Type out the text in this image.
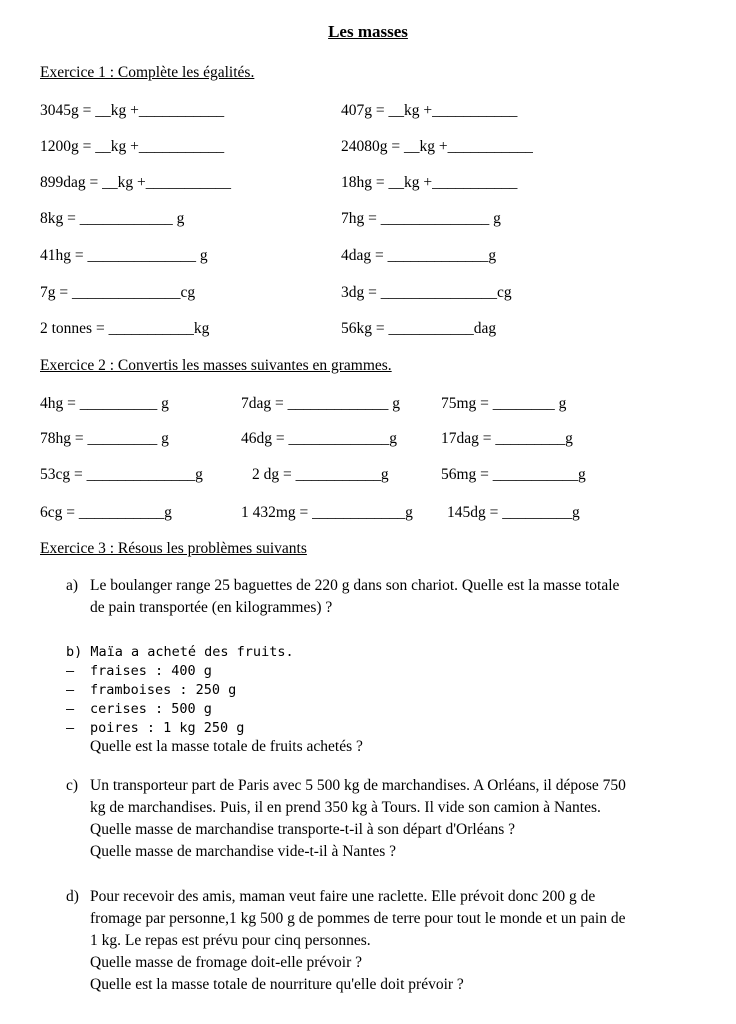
Les masses
Exercice 1 : Complète les égalités.
3045g = __kg +___________	407g = __kg +___________
1200g = __kg +___________	24080g = __kg +___________
899dag = __kg +___________	18hg = __kg +___________
8kg = ____________ g	7hg = ______________ g
41hg = ______________ g	4dag = _____________g
7g = ______________cg	3dg = _______________cg
2 tonnes = ___________kg	56kg = ___________dag
Exercice 2 : Convertis les masses suivantes en grammes.
4hg = __________ g	7dag = _____________ g	75mg = ________ g
78hg = _________ g	46dg = _____________g	17dag = _________g
53cg = ______________g	2 dg = ___________g	56mg = ___________g
6cg = ___________g	1 432mg = ____________g 145dg = _________g
Exercice 3 : Résous les problèmes suivants
a) Le boulanger range 25 baguettes de 220 g dans son chariot. Quelle est la masse totale
de pain transportée (en kilogrammes) ?
b) Maïa a acheté des fruits.
– fraises : 400 g
– framboises : 250 g
– cerises : 500 g
– poires : 1 kg 250 g
Quelle est la masse totale de fruits achetés ?
c) Un transporteur part de Paris avec 5 500 kg de marchandises. A Orléans, il dépose 750
kg de marchandises. Puis, il en prend 350 kg à Tours. Il vide son camion à Nantes.
Quelle masse de marchandise transporte-t-il à son départ d'Orléans ?
Quelle masse de marchandise vide-t-il à Nantes ?
d) Pour recevoir des amis, maman veut faire une raclette. Elle prévoit donc 200 g de
fromage par personne,1 kg 500 g de pommes de terre pour tout le monde et un pain de
1 kg. Le repas est prévu pour cinq personnes.
Quelle masse de fromage doit-elle prévoir ?
Quelle est la masse totale de nourriture qu'elle doit prévoir ?
